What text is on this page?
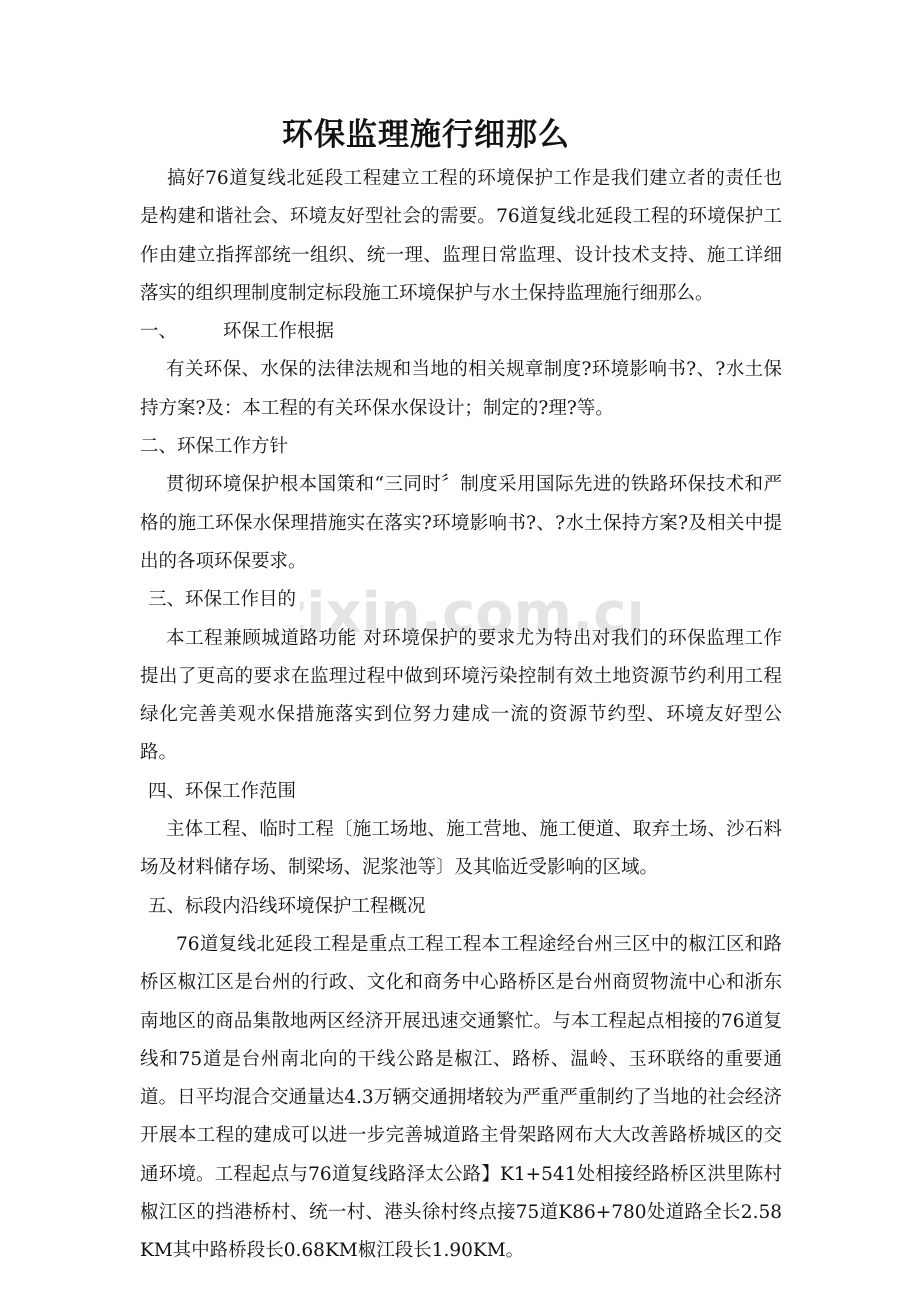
ixin.com.c
环保监理施行细那么

搞好76道复线北延段工程建立工程的环境保护工作是我们建立者的责任也是构建和谐社会、环境友好型社会的需要。76道复线北延段工程的环境保护工作由建立指挥部统一组织、统一理、监理日常监理、设计技术支持、施工详细落实的组织理制度制定标段施工环境保护与水土保持监理施行细那么。

一、 环保工作根据

有关环保、水保的法律法规和当地的相关规章制度?环境影响书?、?水土保持方案?及：本工程的有关环保水保设计；制定的?理?等。

二、环保工作方针

贯彻环境保护根本国策和“三同时〞制度采用国际先进的铁路环保技术和严格的施工环保水保理措施实在落实?环境影响书?、?水土保持方案?及相关中提出的各项环保要求。

三、环保工作目的

本工程兼顾城道路功能 对环境保护的要求尤为特出对我们的环保监理工作提出了更高的要求在监理过程中做到环境污染控制有效土地资源节约利用工程绿化完善美观水保措施落实到位努力建成一流的资源节约型、环境友好型公路。

四、环保工作范围

主体工程、临时工程〔施工场地、施工营地、施工便道、取弃土场、沙石料场及材料储存场、制梁场、泥浆池等〕及其临近受影响的区域。

五、标段内沿线环境保护工程概况

76道复线北延段工程是重点工程工程本工程途经台州三区中的椒江区和路桥区椒江区是台州的行政、文化和商务中心路桥区是台州商贸物流中心和浙东南地区的商品集散地两区经济开展迅速交通繁忙。与本工程起点相接的76道复线和75道是台州南北向的干线公路是椒江、路桥、温岭、玉环联络的重要通道。日平均混合交通量达4.3万辆交通拥堵较为严重严重制约了当地的社会经济开展本工程的建成可以进一步完善城道路主骨架路网布大大改善路桥城区的交通环境。工程起点与76道复线路泽太公路】K1+541处相接经路桥区洪里陈村椒江区的挡港桥村、统一村、港头徐村终点接75道K86+780处道路全长2.58KM其中路桥段长0.68KM椒江段长1.90KM。
